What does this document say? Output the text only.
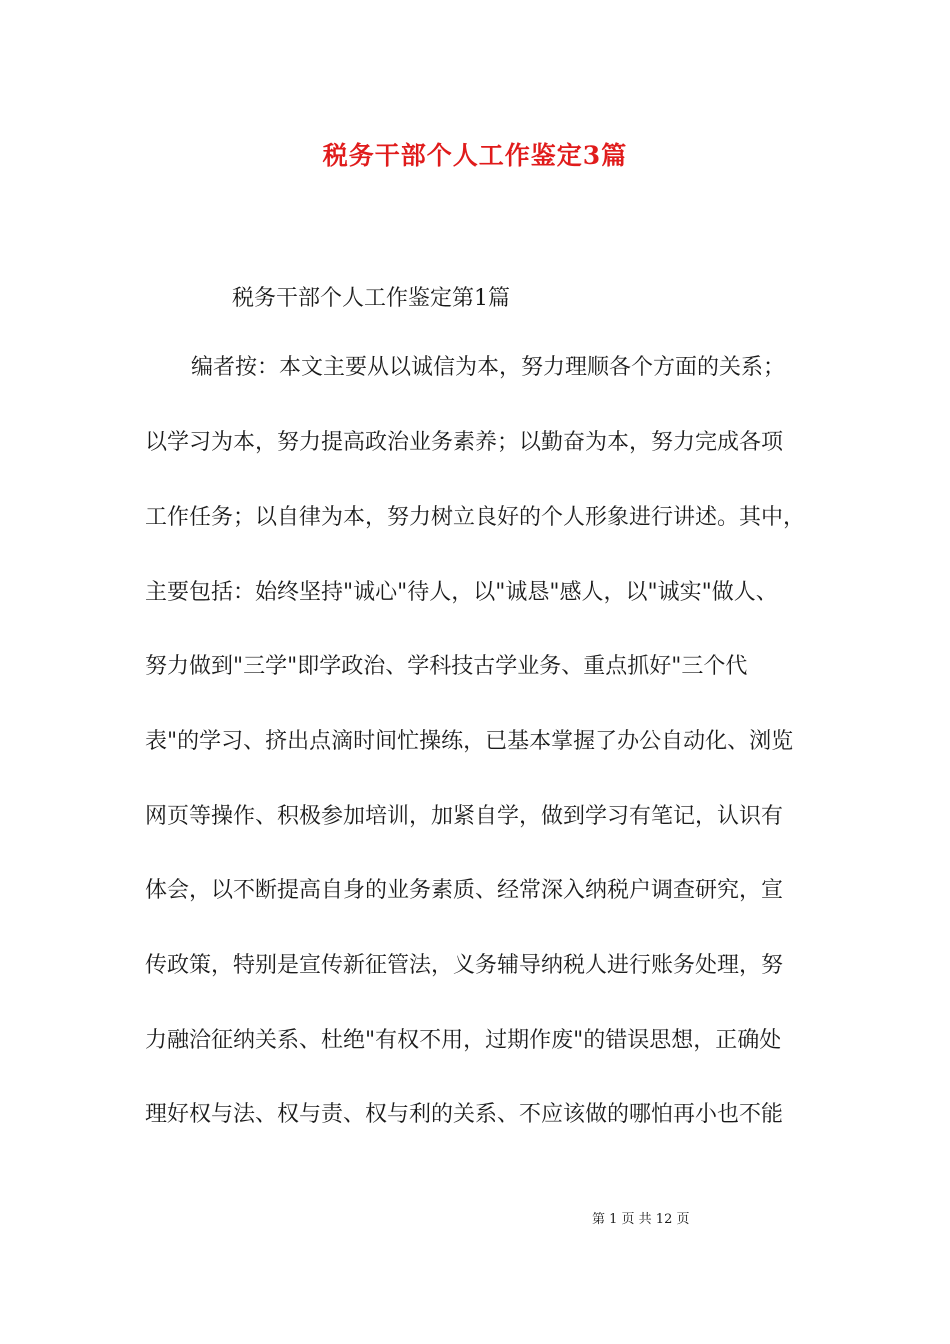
税务干部个人工作鉴定3篇
税务干部个人工作鉴定第1篇
编者按：本文主要从以诚信为本，努力理顺各个方面的关系；
以学习为本，努力提高政治业务素养；以勤奋为本，努力完成各项
工作任务；以自律为本，努力树立良好的个人形象进行讲述。其中，
主要包括：始终坚持"诚心"待人，以"诚恳"感人，以"诚实"做人、
努力做到"三学"即学政治、学科技古学业务、重点抓好"三个代
表"的学习、挤出点滴时间忙操练，已基本掌握了办公自动化、浏览
网页等操作、积极参加培训，加紧自学，做到学习有笔记，认识有
体会，以不断提高自身的业务素质、经常深入纳税户调查研究，宣
传政策，特别是宣传新征管法，义务辅导纳税人进行账务处理，努
力融洽征纳关系、杜绝"有权不用，过期作废"的错误思想，正确处
理好权与法、权与责、权与利的关系、不应该做的哪怕再小也不能
第 1 页 共 12 页
